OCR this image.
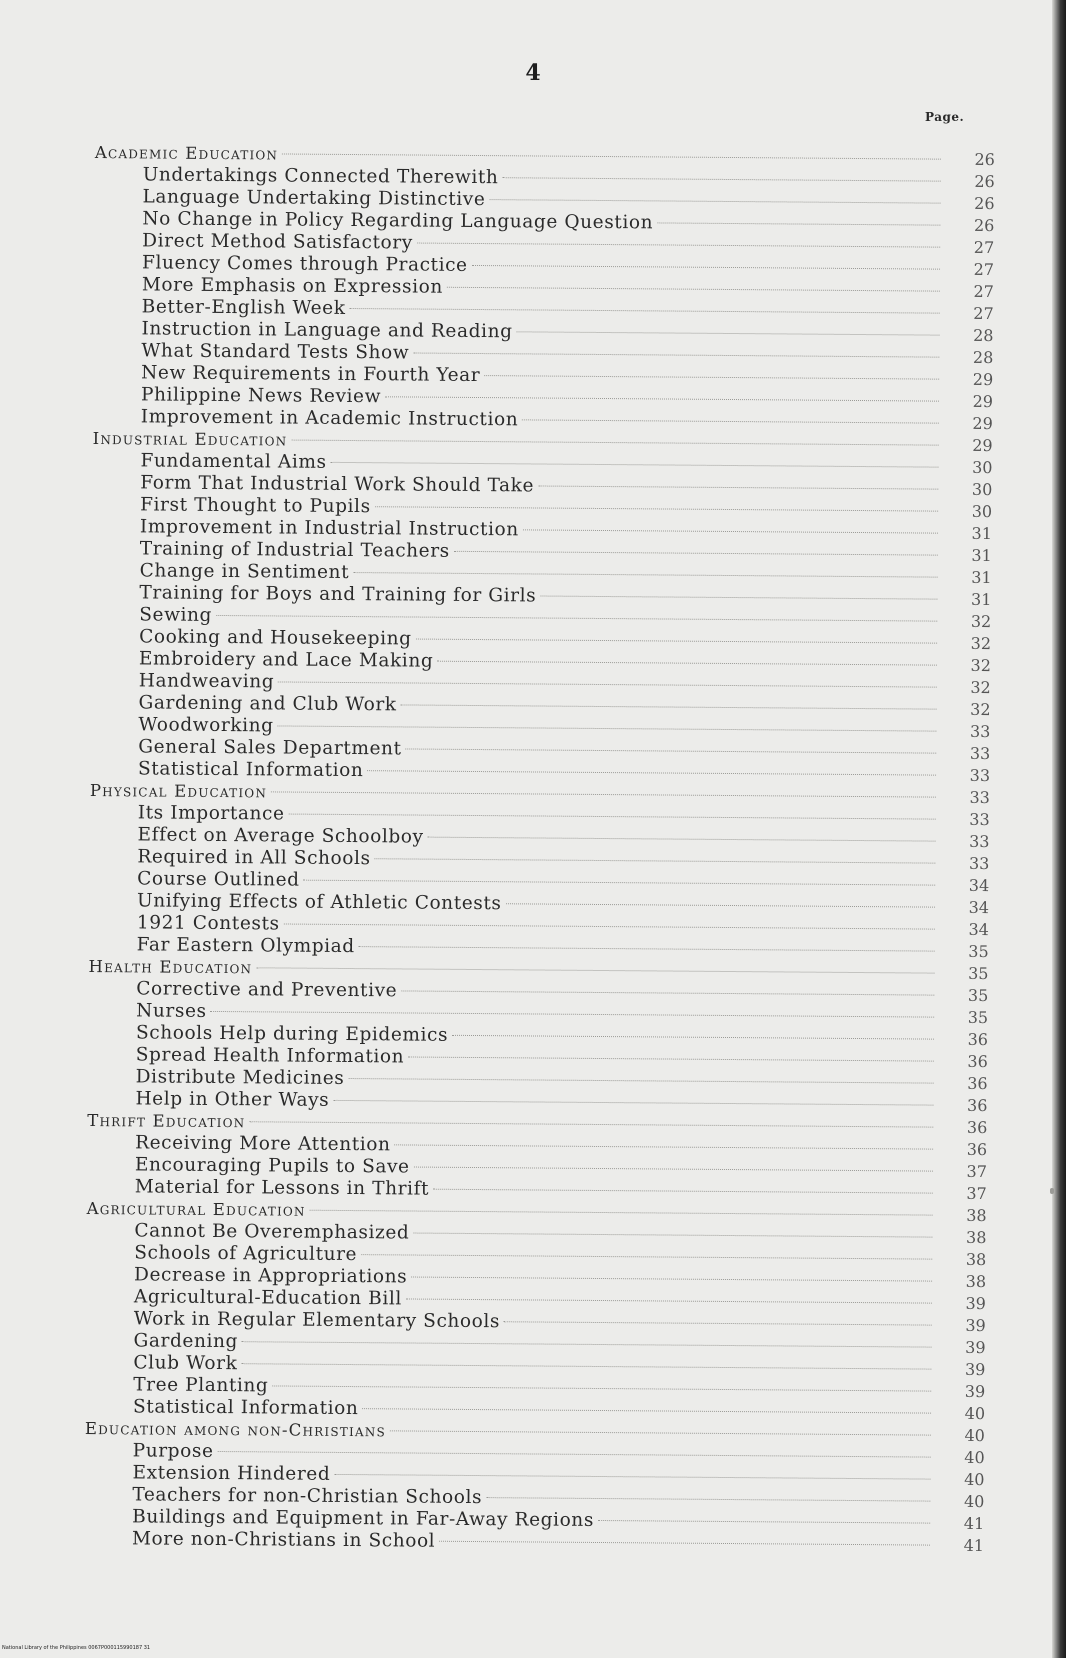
4
Page.
Academic Education	26
Undertakings Connected Therewith	26
Language Undertaking Distinctive	26
No Change in Policy Regarding Language Question	26
Direct Method Satisfactory	27
Fluency Comes through Practice	27
More Emphasis on Expression	27
Better-English Week	27
Instruction in Language and Reading	28
What Standard Tests Show	28
New Requirements in Fourth Year	29
Philippine News Review	29
Improvement in Academic Instruction	29
Industrial Education	29
Fundamental Aims	30
Form That Industrial Work Should Take	30
First Thought to Pupils	30
Improvement in Industrial Instruction	31
Training of Industrial Teachers	31
Change in Sentiment	31
Training for Boys and Training for Girls	31
Sewing	32
Cooking and Housekeeping	32
Embroidery and Lace Making	32
Handweaving	32
Gardening and Club Work	32
Woodworking	33
General Sales Department	33
Statistical Information	33
Physical Education	33
Its Importance	33
Effect on Average Schoolboy	33
Required in All Schools	33
Course Outlined	34
Unifying Effects of Athletic Contests	34
1921 Contests	34
Far Eastern Olympiad	35
Health Education	35
Corrective and Preventive	35
Nurses	35
Schools Help during Epidemics	36
Spread Health Information	36
Distribute Medicines	36
Help in Other Ways	36
Thrift Education	36
Receiving More Attention	36
Encouraging Pupils to Save	37
Material for Lessons in Thrift	37
Agricultural Education	38
Cannot Be Overemphasized	38
Schools of Agriculture	38
Decrease in Appropriations	38
Agricultural-Education Bill	39
Work in Regular Elementary Schools	39
Gardening	39
Club Work	39
Tree Planting	39
Statistical Information	40
Education among non-Christians	40
Purpose	40
Extension Hindered	40
Teachers for non-Christian Schools	40
Buildings and Equipment in Far-Away Regions	41
More non-Christians in School	41
National Library of the Philippines 0067P000115990187 31
